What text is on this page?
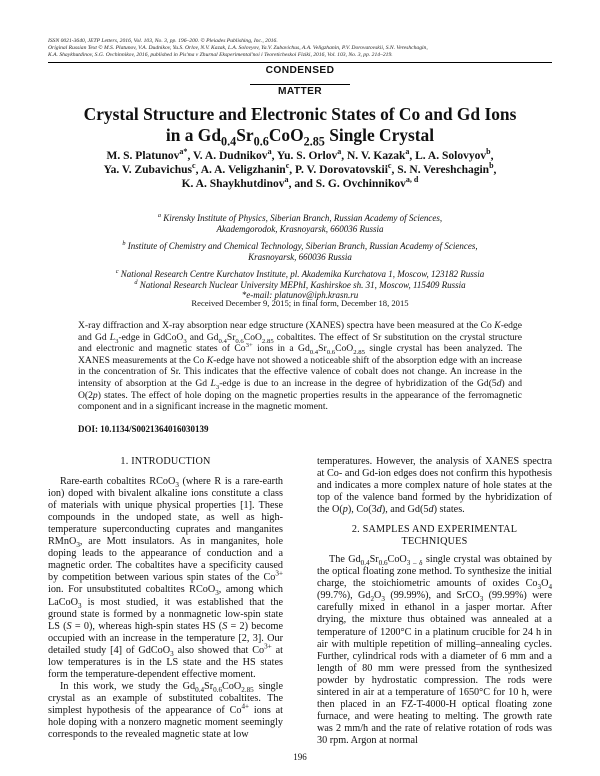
ISSN 0021-3640, JETP Letters, 2016, Vol. 103, No. 3, pp. 196–200. © Pleiades Publishing, Inc., 2016.
Original Russian Text © M.S. Platunov, V.A. Dudnikov, Yu.S. Orlov, N.V. Kazak, L.A. Solovyov, Ya.V. Zubavichus, A.A. Veligzhanin, P.V. Dorovatovskii, S.N. Vereshchagin,
K.A. Shaykhutdinov, S.G. Ovchinnikov, 2016, published in Pis'ma v Zhurnal Eksperimental'noi i Teoreticheskoi Fiziki, 2016, Vol. 103, No. 3, pp. 214–219.
CONDENSED
MATTER
Crystal Structure and Electronic States of Co and Gd Ions
in a $Gd_{0.4}Sr_{0.6}CoO_{2.85}$ Single Crystal
M. S. Platunov$^{a*}$, V. A. Dudnikov$^a$, Yu. S. Orlov$^a$, N. V. Kazak$^a$, L. A. Solovyov$^b$,
Ya. V. Zubavichus$^c$, A. A. Veligzhanin$^c$, P. V. Dorovatovskii$^c$, S. N. Vereshchagin$^b$,
K. A. Shaykhutdinov$^a$, and S. G. Ovchinnikov$^{a, d}$
$^a$ Kirensky Institute of Physics, Siberian Branch, Russian Academy of Sciences,
Akademgorodok, Krasnoyarsk, 660036 Russia
$^b$ Institute of Chemistry and Chemical Technology, Siberian Branch, Russian Academy of Sciences,
Krasnoyarsk, 660036 Russia
$^c$ National Research Centre Kurchatov Institute, pl. Akademika Kurchatova 1, Moscow, 123182 Russia
$^d$ National Research Nuclear University MEPhI, Kashirskoe sh. 31, Moscow, 115409 Russia
*e-mail: platunov@iph.krasn.ru
Received December 9, 2015; in final form, December 18, 2015
X-ray diffraction and X-ray absorption near edge structure (XANES) spectra have been measured at the Co K-edge and Gd $L_3$-edge in GdCoO$_3$ and $Gd_{0.4}Sr_{0.6}CoO_{2.85}$ cobaltites. The effect of Sr substitution on the crystal structure and electronic and magnetic states of $Co^{3+}$ ions in a $Gd_{0.4}Sr_{0.6}CoO_{2.85}$ single crystal has been analyzed. The XANES measurements at the Co K-edge have not showed a noticeable shift of the absorption edge with an increase in the concentration of Sr. This indicates that the effective valence of cobalt does not change. An increase in the intensity of absorption at the Gd $L_3$-edge is due to an increase in the degree of hybridization of the Gd(5d) and O(2p) states. The effect of hole doping on the magnetic properties results in the appearance of the ferromagnetic component and in a significant increase in the magnetic moment.
DOI: 10.1134/S0021364016030139
1. INTRODUCTION

Rare-earth cobaltites RCoO$_3$ (where R is a rare-earth ion) doped with bivalent alkaline ions constitute a class of materials with unique physical properties [1]. These compounds in the undoped state, as well as high-temperature superconducting cuprates and manganites RMnO$_3$, are Mott insulators. As in manganites, hole doping leads to the appearance of conduction and a magnetic order. The cobaltites have a specificity caused by competition between various spin states of the $Co^{3+}$ ion. For unsubstituted cobaltites RCoO$_3$, among which LaCoO$_3$ is most studied, it was established that the ground state is formed by a nonmagnetic low-spin state LS (S = 0), whereas high-spin states HS (S = 2) become occupied with an increase in the temperature [2, 3]. Our detailed study [4] of GdCoO$_3$ also showed that $Co^{3+}$ at low temperatures is in the LS state and the HS states form the temperature-dependent effective moment.

In this work, we study the $Gd_{0.4}Sr_{0.6}CoO_{2.85}$ single crystal as an example of substituted cobaltites. The simplest hypothesis of the appearance of $Co^{4+}$ ions at hole doping with a nonzero magnetic moment seemingly corresponds to the revealed magnetic state at low

temperatures. However, the analysis of XANES spectra at Co- and Gd-ion edges does not confirm this hypothesis and indicates a more complex nature of hole states at the top of the valence band formed by the hybridization of the O(p), Co(3d), and Gd(5d) states.

2. SAMPLES AND EXPERIMENTAL
TECHNIQUES

The $Gd_{0.4}Sr_{0.6}CoO_{3 - \delta}$ single crystal was obtained by the optical floating zone method. To synthesize the initial charge, the stoichiometric amounts of oxides $Co_3O_4$ (99.7%), $Gd_2O_3$ (99.99%), and SrCO$_3$ (99.99%) were carefully mixed in ethanol in a jasper mortar. After drying, the mixture thus obtained was annealed at a temperature of 1200°C in a platinum crucible for 24 h in air with multiple repetition of milling–annealing cycles. Further, cylindrical rods with a diameter of 6 mm and a length of 80 mm were pressed from the synthesized powder by hydrostatic compression. The rods were sintered in air at a temperature of 1650°C for 10 h, were then placed in an FZ-T-4000-H optical floating zone furnace, and were heating to melting. The growth rate was 2 mm/h and the rate of relative rotation of rods was 30 rpm. Argon at normal

196
